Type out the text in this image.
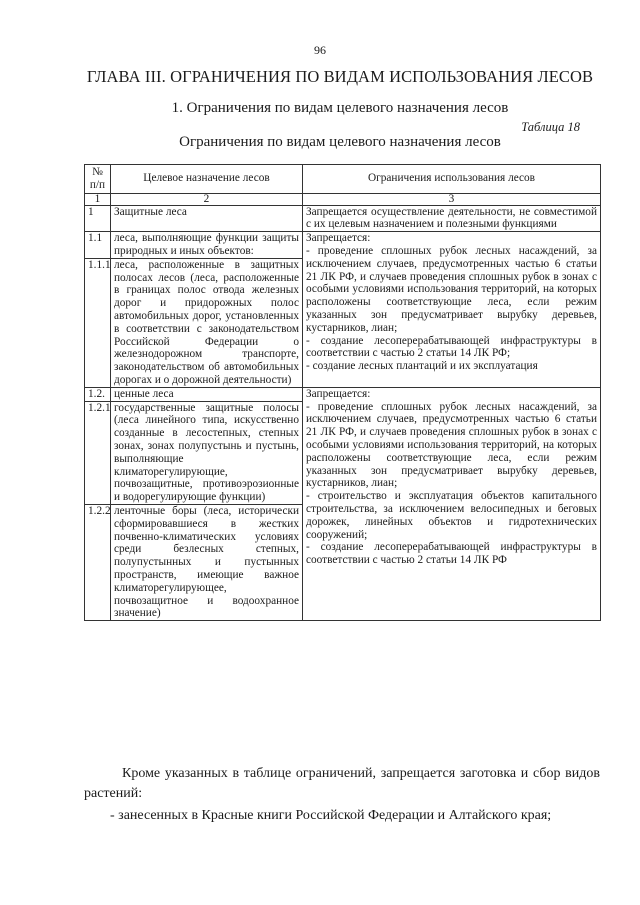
96
ГЛАВА III. ОГРАНИЧЕНИЯ ПО ВИДАМ ИСПОЛЬЗОВАНИЯ ЛЕСОВ
1. Ограничения по видам целевого назначения лесов
Таблица 18
Ограничения по видам целевого назначения лесов
№ п/п	Целевое назначение лесов	Ограничения использования лесов
1	2	3
1	Защитные леса	Запрещается осуществление деятельности, не совместимой с их целевым назначением и полезными функциями
1.1	леса, выполняющие функции защиты природных и иных объектов:	Запрещается:
- проведение сплошных рубок лесных насаждений, за исключением случаев, предусмотренных частью 6 статьи 21 ЛК РФ, и случаев проведения сплошных рубок в зонах с особыми условиями использования территорий, на которых расположены соответствующие леса, если режим указанных зон предусматривает вырубку деревьев, кустарников, лиан;
- создание лесоперерабатывающей инфраструктуры в соответствии с частью 2 статьи 14 ЛК РФ;
- создание лесных плантаций и их эксплуатация

1.1.1	леса, расположенные в защитных полосах лесов (леса, расположенные в границах полос отвода железных дорог и придорожных полос автомобильных дорог, установленных в соответствии с законодательством Российской Федерации о железнодорожном транспорте, законодательством об автомобильных дорогах и о дорожной деятельности)	
1.2.	ценные леса	Запрещается:
- проведение сплошных рубок лесных насаждений, за исключением случаев, предусмотренных частью 6 статьи 21 ЛК РФ, и случаев проведения сплошных рубок в зонах с особыми условиями использования территорий, на которых расположены соответствующие леса, если режим указанных зон предусматривает вырубку деревьев, кустарников, лиан;
- строительство и эксплуатация объектов капитального строительства, за исключением велосипедных и беговых дорожек, линейных объектов и гидротехнических сооружений;
- создание лесоперерабатывающей инфраструктуры в соответствии с частью 2 статьи 14 ЛК РФ

1.2.1	государственные защитные полосы (леса линейного типа, искусственно созданные в лесостепных, степных зонах, зонах полупустынь и пустынь, выполняющие климаторегулирующие, почвозащитные, противоэрозионные и водорегулирующие функции)	
1.2.2	ленточные боры (леса, исторически сформировавшиеся в жестких почвенно-климатических условиях среди безлесных степных, полупустынных и пустынных пространств, имеющие важное климаторегулирующее, почвозащитное и водоохранное значение)	
Кроме указанных в таблице ограничений, запрещается заготовка и сбор видов растений:
- занесенных в Красные книги Российской Федерации и Алтайского края;
